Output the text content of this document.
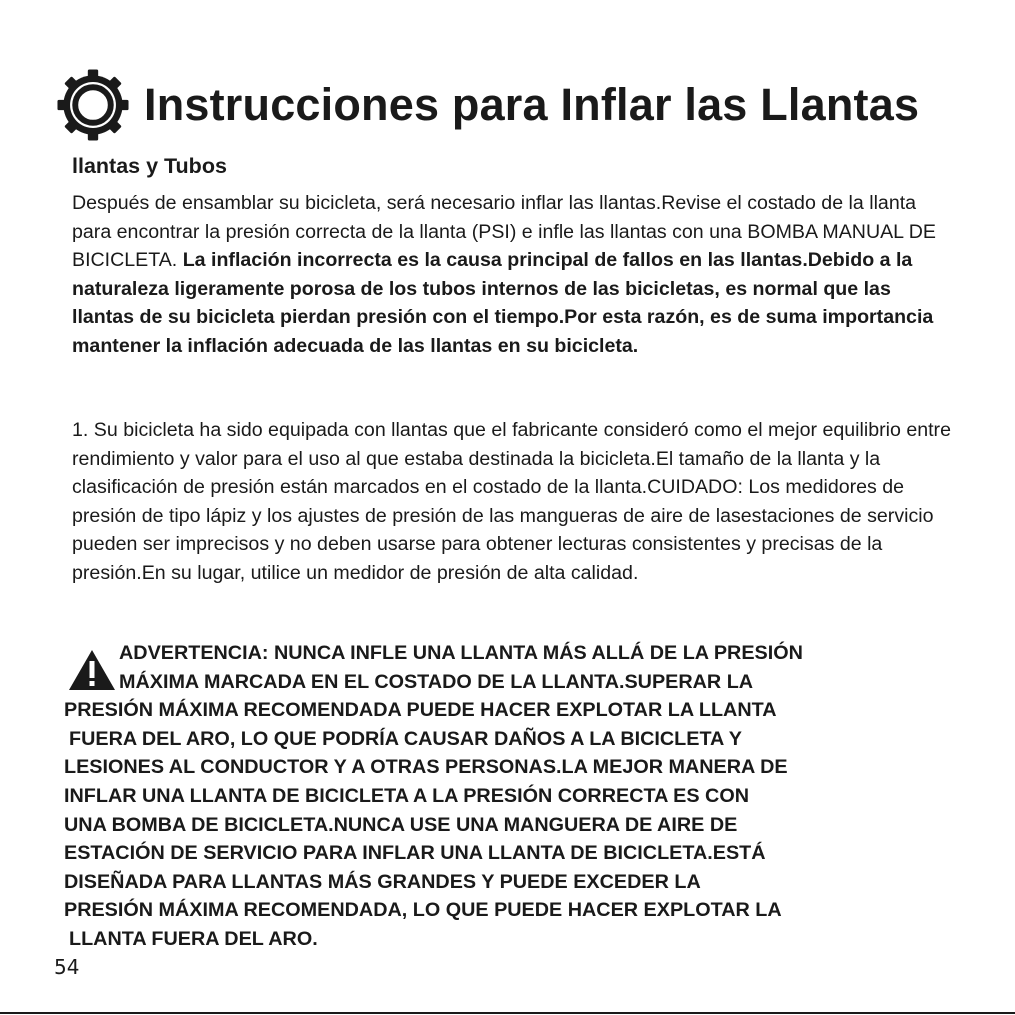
Instrucciones para Inflar las Llantas
llantas y Tubos
Después de ensamblar su bicicleta, será necesario inflar las llantas.Revise el costado de la llanta para encontrar la presión correcta de la llanta (PSI) e infle las llantas con una BOMBA MANUAL DE BICICLETA. La inflación incorrecta es la causa principal de fallos en las llantas.Debido a la naturaleza ligeramente porosa de los tubos internos de las bicicletas, es normal que las llantas de su bicicleta pierdan presión con el tiempo.Por esta razón, es de suma importancia mantener la inflación adecuada de las llantas en su bicicleta.
1. Su bicicleta ha sido equipada con llantas que el fabricante consideró como el mejor equilibrio entre rendimiento y valor para el uso al que estaba destinada la bicicleta.El tamaño de la llanta y la clasificación de presión están marcados en el costado de la llanta.CUIDADO: Los medidores de presión de tipo lápiz y los ajustes de presión de las mangueras de aire de lasestaciones de servicio pueden ser imprecisos y no deben usarse para obtener lecturas consistentes y precisas de la presión.En su lugar, utilice un medidor de presión de alta calidad.
ADVERTENCIA: NUNCA INFLE UNA LLANTA MÁS ALLÁ DE LA PRESIÓN
MÁXIMA MARCADA EN EL COSTADO DE LA LLANTA.SUPERAR LA
PRESIÓN MÁXIMA RECOMENDADA PUEDE HACER EXPLOTAR LA LLANTA
FUERA DEL ARO, LO QUE PODRÍA CAUSAR DAÑOS A LA BICICLETA Y
LESIONES AL CONDUCTOR Y A OTRAS PERSONAS.LA MEJOR MANERA DE
INFLAR UNA LLANTA DE BICICLETA A LA PRESIÓN CORRECTA ES CON
UNA BOMBA DE BICICLETA.NUNCA USE UNA MANGUERA DE AIRE DE
ESTACIÓN DE SERVICIO PARA INFLAR UNA LLANTA DE BICICLETA.ESTÁ
DISEÑADA PARA LLANTAS MÁS GRANDES Y PUEDE EXCEDER LA
PRESIÓN MÁXIMA RECOMENDADA, LO QUE PUEDE HACER EXPLOTAR LA
LLANTA FUERA DEL ARO.
54
